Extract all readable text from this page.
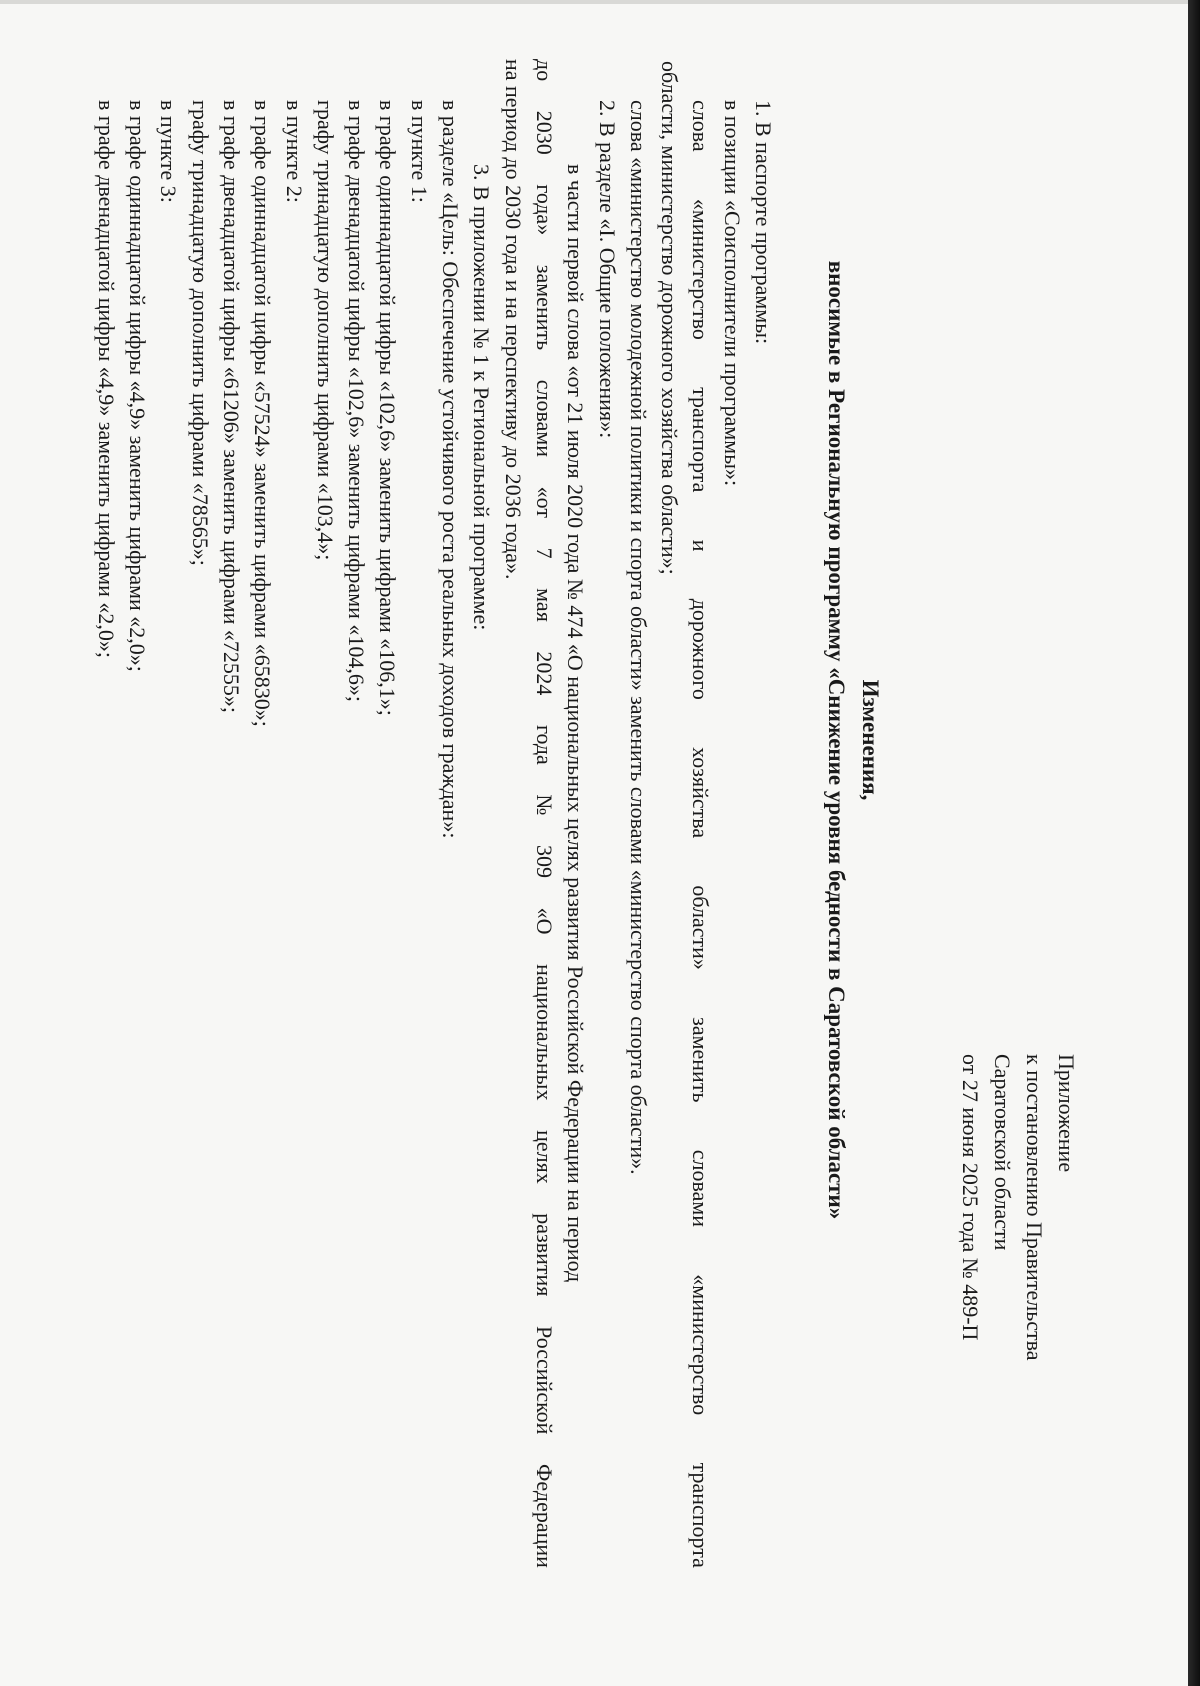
Приложение
к постановлению Правительства
Саратовской области
от 27 июня 2025 года № 489-П
Изменения,
вносимые в Региональную программу «Снижение уровня бедности в Саратовской области»
1. В паспорте программы:
в позиции «Соисполнители программы»:
слова
«министерство
транспорта
и
дорожного
хозяйства
области»
заменить
словами
«министерство
транспорта
области, министерство дорожного хозяйства области»;
слова «министерство молодежной политики и спорта области» заменить словами «министерство спорта области».
2. В разделе «I. Общие положения»:
в части первой слова «от 21 июля 2020 года № 474 «О национальных целях развития Российской Федерации на период
до
2030
года»
заменить
словами
«от
7
мая
2024
года
№
309
«О
национальных
целях
развития
Российской
Федерации
на период до 2030 года и на перспективу до 2036 года».
3. В приложении № 1 к Региональной программе:
в разделе «Цель: Обеспечение устойчивого роста реальных доходов граждан»:
в пункте 1:
в графе одиннадцатой цифры «102,6» заменить цифрами «106,1»;
в графе двенадцатой цифры «102,6» заменить цифрами «104,6»;
графу тринадцатую дополнить цифрами «103,4»;
в пункте 2:
в графе одиннадцатой цифры «57524» заменить цифрами «65830»;
в графе двенадцатой цифры «61206» заменить цифрами «72555»;
графу тринадцатую дополнить цифрами «78565»;
в пункте 3:
в графе одиннадцатой цифры «4,9» заменить цифрами «2,0»;
в графе двенадцатой цифры «4,9» заменить цифрами «2,0»;
